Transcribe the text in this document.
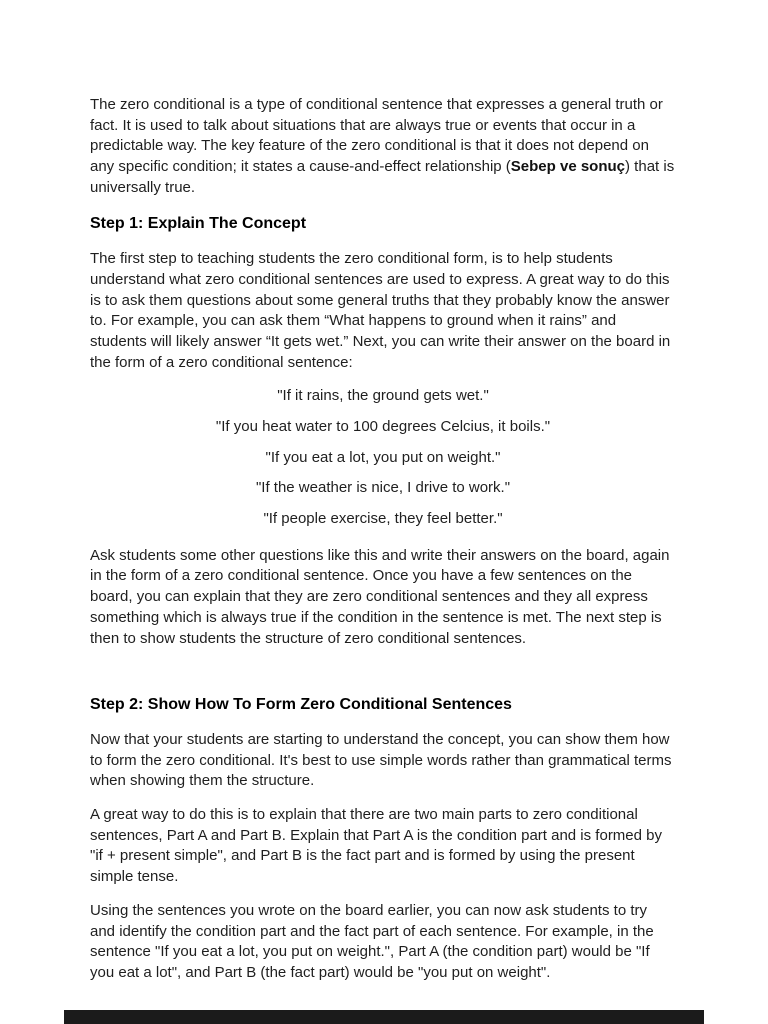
The zero conditional is a type of conditional sentence that expresses a general truth or fact. It is used to talk about situations that are always true or events that occur in a predictable way. The key feature of the zero conditional is that it does not depend on any specific condition; it states a cause-and-effect relationship (Sebep ve sonuç) that is universally true.

Step 1: Explain The Concept

The first step to teaching students the zero conditional form, is to help students understand what zero conditional sentences are used to express. A great way to do this is to ask them questions about some general truths that they probably know the answer to. For example, you can ask them “What happens to ground when it rains” and students will likely answer “It gets wet.” Next, you can write their answer on the board in the form of a zero conditional sentence:

"If it rains, the ground gets wet."

"If you heat water to 100 degrees Celcius, it boils."

"If you eat a lot, you put on weight."

"If the weather is nice, I drive to work."

"If people exercise, they feel better."

Ask students some other questions like this and write their answers on the board, again in the form of a zero conditional sentence. Once you have a few sentences on the board, you can explain that they are zero conditional sentences and they all express something which is always true if the condition in the sentence is met. The next step is then to show students the structure of zero conditional sentences.

Step 2: Show How To Form Zero Conditional Sentences

Now that your students are starting to understand the concept, you can show them how to form the zero conditional. It's best to use simple words rather than grammatical terms when showing them the structure.

A great way to do this is to explain that there are two main parts to zero conditional sentences, Part A and Part B. Explain that Part A is the condition part and is formed by "if + present simple", and Part B is the fact part and is formed by using the present simple tense.

Using the sentences you wrote on the board earlier, you can now ask students to try and identify the condition part and the fact part of each sentence. For example, in the sentence "If you eat a lot, you put on weight.", Part A (the condition part) would be "If you eat a lot", and Part B (the fact part) would be "you put on weight".
